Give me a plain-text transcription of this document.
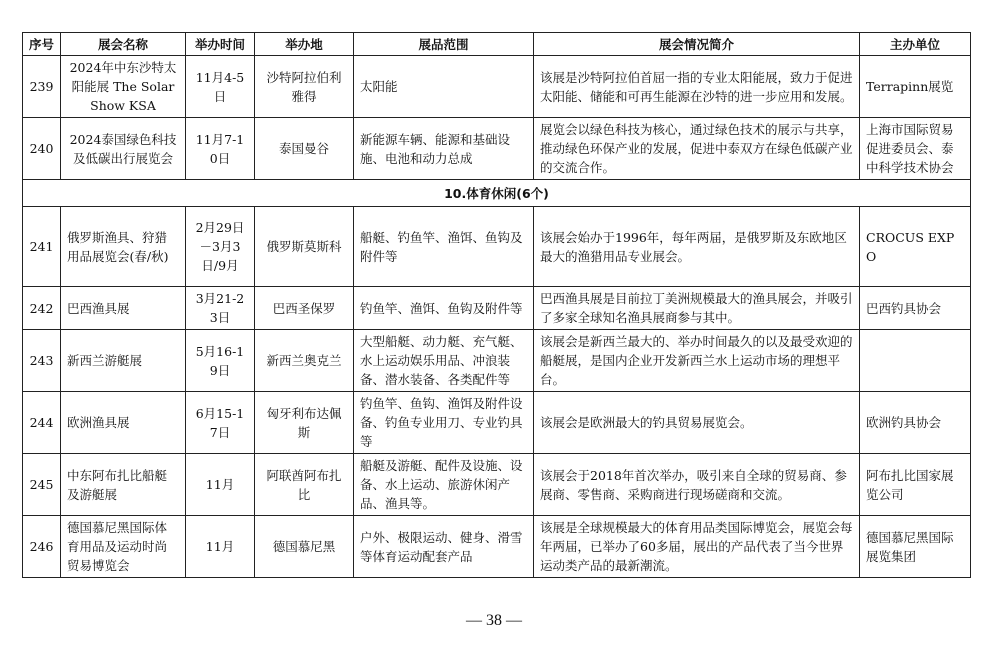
序号	展会名称	举办时间	举办地	展品范围	展会情况简介	主办单位
239	2024年中东沙特太阳能展 The Solar Show KSA	11月4-5日	沙特阿拉伯利雅得	太阳能	该展是沙特阿拉伯首屈一指的专业太阳能展，致力于促进太阳能、储能和可再生能源在沙特的进一步应用和发展。	Terrapinn展览
240	2024泰国绿色科技及低碳出行展览会	11月7-10日	泰国曼谷	新能源车辆、能源和基础设施、电池和动力总成	展览会以绿色科技为核心，通过绿色技术的展示与共享，推动绿色环保产业的发展，促进中泰双方在绿色低碳产业的交流合作。	上海市国际贸易促进委员会、泰中科学技术协会
10.体育休闲(6个)						
241	俄罗斯渔具、狩猎用品展览会(春/秋)	2月29日－3月3日/9月	俄罗斯莫斯科	船艇、钓鱼竿、渔饵、鱼钩及附件等	该展会始办于1996年，每年两届，是俄罗斯及东欧地区最大的渔猎用品专业展会。	CROCUS EXPO
242	巴西渔具展	3月21-23日	巴西圣保罗	钓鱼竿、渔饵、鱼钩及附件等	巴西渔具展是目前拉丁美洲规模最大的渔具展会，并吸引了多家全球知名渔具展商参与其中。	巴西钓具协会
243	新西兰游艇展	5月16-19日	新西兰奥克兰	大型船艇、动力艇、充气艇、水上运动娱乐用品、冲浪装备、潜水装备、各类配件等	该展会是新西兰最大的、举办时间最久的以及最受欢迎的船艇展，是国内企业开发新西兰水上运动市场的理想平台。	
244	欧洲渔具展	6月15-17日	匈牙利布达佩斯	钓鱼竿、鱼钩、渔饵及附件设备、钓鱼专业用刀、专业钓具等	该展会是欧洲最大的钓具贸易展览会。	欧洲钓具协会
245	中东阿布扎比船艇及游艇展	11月	阿联酋阿布扎比	船艇及游艇、配件及设施、设备、水上运动、旅游休闲产品、渔具等。	该展会于2018年首次举办，吸引来自全球的贸易商、参展商、零售商、采购商进行现场磋商和交流。	阿布扎比国家展览公司
246	德国慕尼黑国际体育用品及运动时尚贸易博览会	11月	德国慕尼黑	户外、极限运动、健身、滑雪等体育运动配套产品	该展是全球规模最大的体育用品类国际博览会，展览会每年两届，已举办了60多届，展出的产品代表了当今世界运动类产品的最新潮流。	德国慕尼黑国际展览集团
— 38 —
